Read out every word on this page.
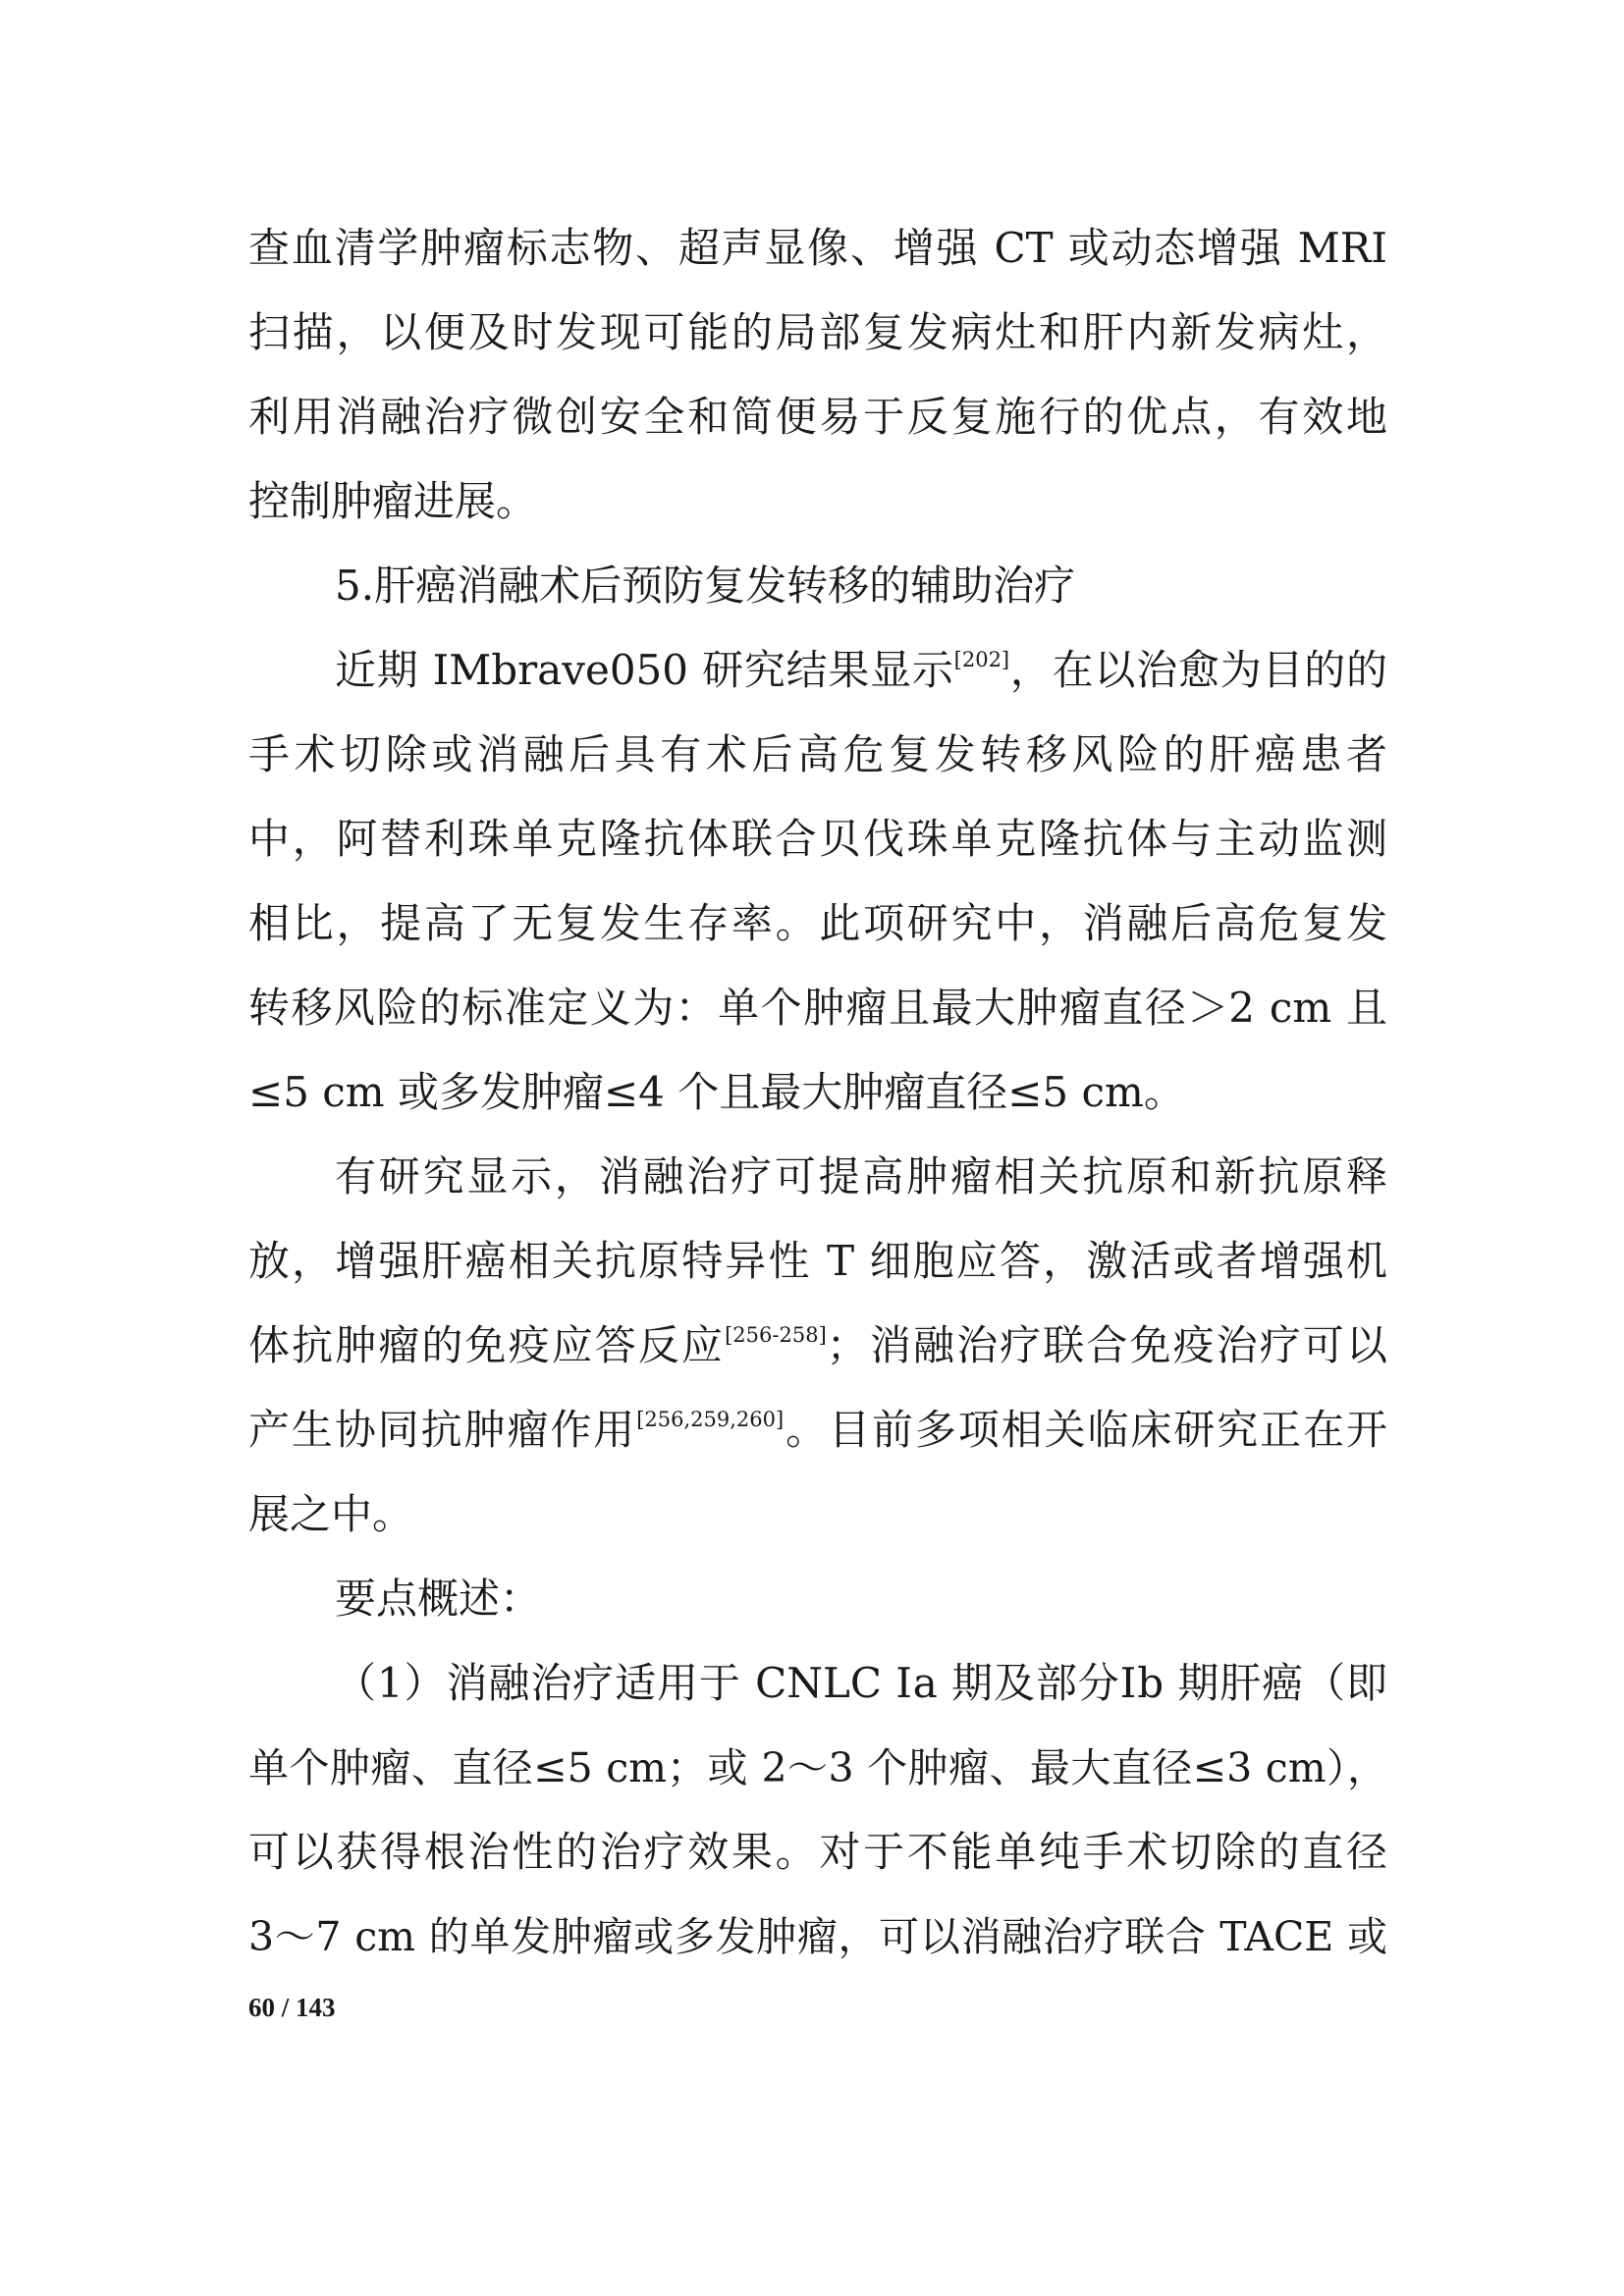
查血清学肿瘤标志物、超声显像、增强 CT 或动态增强 MRI
扫描，以便及时发现可能的局部复发病灶和肝内新发病灶，
利用消融治疗微创安全和简便易于反复施行的优点，有效地
控制肿瘤进展。
5.肝癌消融术后预防复发转移的辅助治疗
近期 IMbrave050 研究结果显示[202]，在以治愈为目的的
手术切除或消融后具有术后高危复发转移风险的肝癌患者
中，阿替利珠单克隆抗体联合贝伐珠单克隆抗体与主动监测
相比，提高了无复发生存率。此项研究中，消融后高危复发
转移风险的标准定义为：单个肿瘤且最大肿瘤直径＞2 cm 且
≤5 cm 或多发肿瘤≤4 个且最大肿瘤直径≤5 cm。
有研究显示，消融治疗可提高肿瘤相关抗原和新抗原释
放，增强肝癌相关抗原特异性 T 细胞应答，激活或者增强机
体抗肿瘤的免疫应答反应[256-258]；消融治疗联合免疫治疗可以
产生协同抗肿瘤作用[256,259,260]。目前多项相关临床研究正在开
展之中。
要点概述：
（1）消融治疗适用于 CNLC Ⅰa 期及部分Ⅰb 期肝癌（即
单个肿瘤、直径≤5 cm；或 2～3 个肿瘤、最大直径≤3 cm），
可以获得根治性的治疗效果。对于不能单纯手术切除的直径
3～7 cm 的单发肿瘤或多发肿瘤，可以消融治疗联合 TACE 或
60 / 143
